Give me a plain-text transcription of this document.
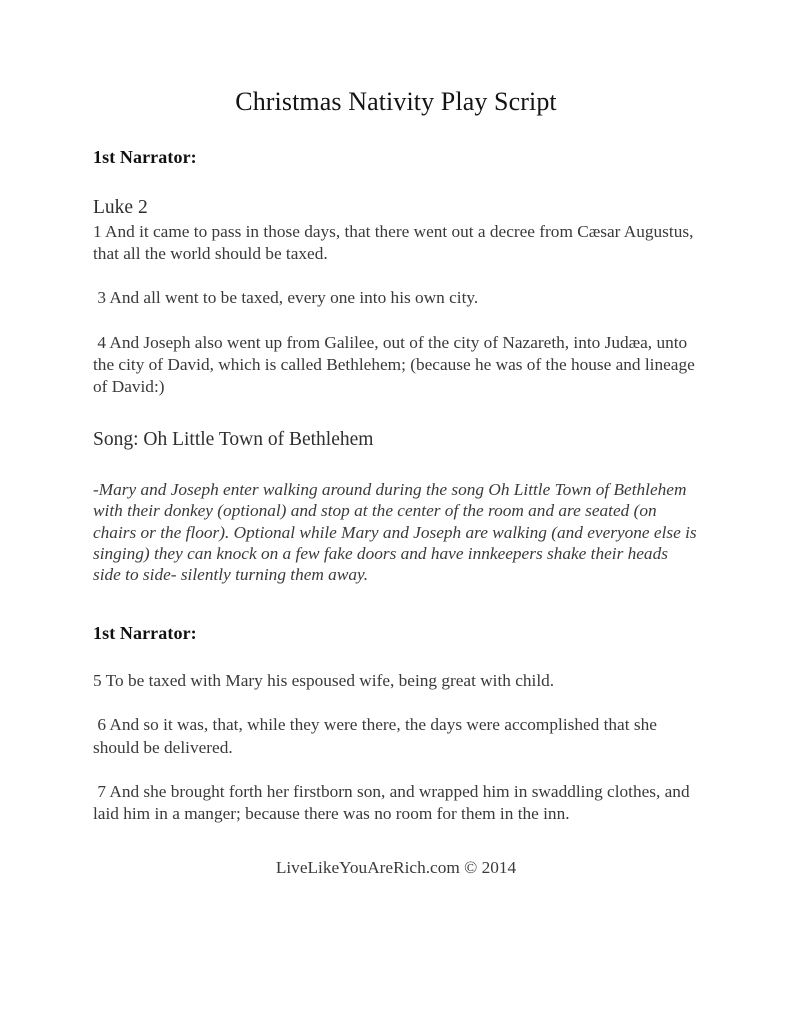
Christmas Nativity Play Script

1st Narrator:

Luke 2

1 And it came to pass in those days, that there went out a decree from Cæsar Augustus, that all the world should be taxed.

3 And all went to be taxed, every one into his own city.

4 And Joseph also went up from Galilee, out of the city of Nazareth, into Judæa, unto the city of David, which is called Bethlehem; (because he was of the house and lineage of David:)

Song: Oh Little Town of Bethlehem

-Mary and Joseph enter walking around during the song Oh Little Town of Bethlehem with their donkey (optional) and stop at the center of the room and are seated (on chairs or the floor). Optional while Mary and Joseph are walking (and everyone else is singing) they can knock on a few fake doors and have innkeepers shake their heads side to side- silently turning them away.

1st Narrator:

5 To be taxed with Mary his espoused wife, being great with child.

6 And so it was, that, while they were there, the days were accomplished that she should be delivered.

7 And she brought forth her firstborn son, and wrapped him in swaddling clothes, and laid him in a manger; because there was no room for them in the inn.

LiveLikeYouAreRich.com © 2014
